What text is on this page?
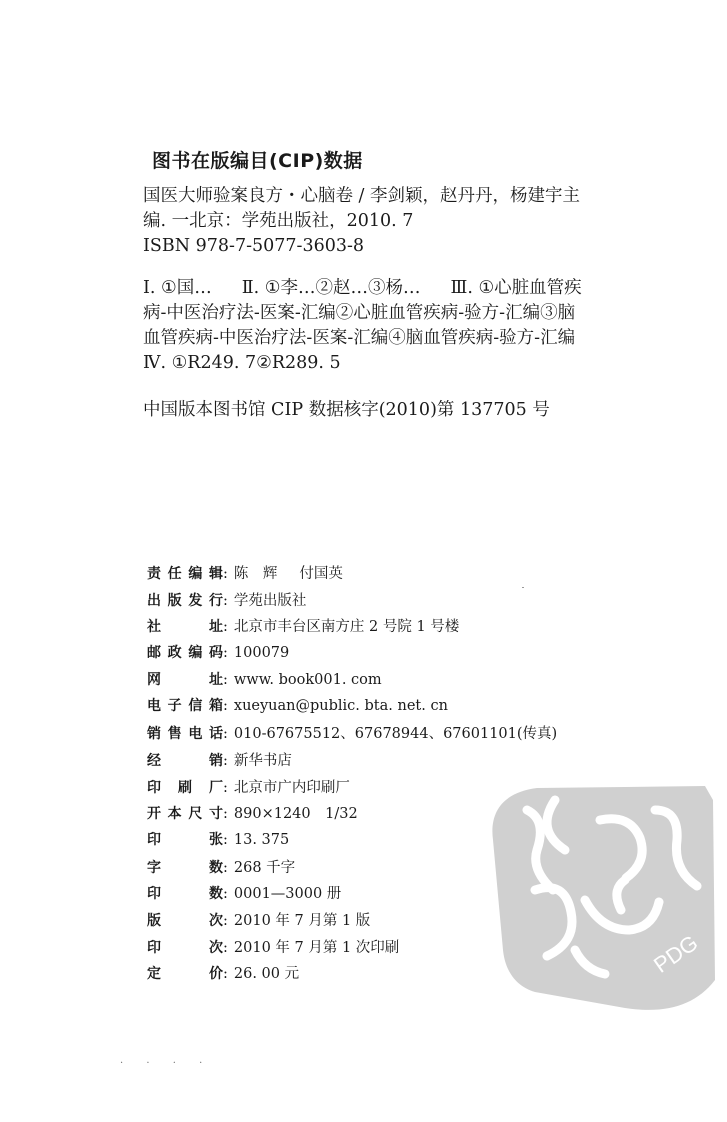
图书在版编目(CIP)数据
国医大师验案良方・心脑卷 / 李剑颖，赵丹丹，杨建宇主
编. 一北京：学苑出版社，2010. 7
ISBN 978-7-5077-3603-8
Ⅰ. ①国… Ⅱ. ①李…②赵…③杨… Ⅲ. ①心脏血管疾
病-中医治疗法-医案-汇编②心脏血管疾病-验方-汇编③脑
血管疾病-中医治疗法-医案-汇编④脑血管疾病-验方-汇编
Ⅳ. ①R249. 7②R289. 5
中国版本图书馆 CIP 数据核字(2010)第 137705 号
责 任 编 辑 : 陈　辉 付国英
出 版 发 行 : 学苑出版社
社	址 : 北京市丰台区南方庄 2 号院 1 号楼
邮 政 编 码 : 100079
网	址 : www. book001. com
电 子 信 箱 : xueyuan@public. bta. net. cn
销 售 电 话 : 010-67675512、67678944、67601101(传真)
经	销 : 新华书店
印 刷 厂 : 北京市广内印刷厂
开 本 尺 寸 : 890×1240　1/32
印	张 : 13. 375
字	数 : 268 千字
印	数 : 0001—3000 册
版	次 : 2010 年 7 月第 1 版
印	次 : 2010 年 7 月第 1 次印刷
定	价 : 26. 00 元	PDG
· · · ·
